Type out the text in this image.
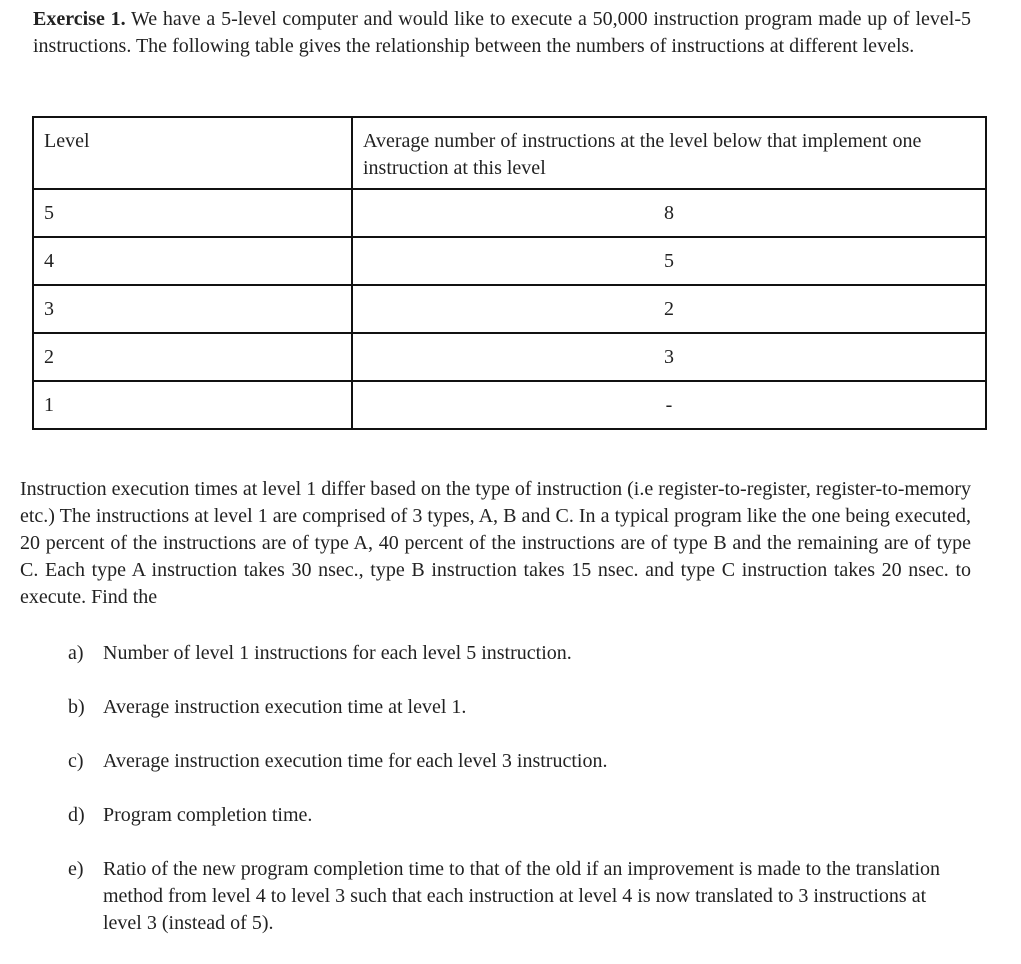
Exercise 1. We have a 5-level computer and would like to execute a 50,000 instruction program made up of level-5 instructions. The following table gives the relationship between the numbers of instructions at different levels.
Level	Average number of instructions at the level below that implement one instruction at this level
5	8
4	5
3	2
2	3
1	-
Instruction execution times at level 1 differ based on the type of instruction (i.e register-to-register, register-to-memory etc.) The instructions at level 1 are comprised of 3 types, A, B and C. In a typical program like the one being executed, 20 percent of the instructions are of type A, 40 percent of the instructions are of type B and the remaining are of type C. Each type A instruction takes 30 nsec., type B instruction takes 15 nsec. and type C instruction takes 20 nsec. to execute. Find the
a) Number of level 1 instructions for each level 5 instruction.
b) Average instruction execution time at level 1.
c) Average instruction execution time for each level 3 instruction.
d) Program completion time.
e) Ratio of the new program completion time to that of the old if an improvement is made to the translation method from level 4 to level 3 such that each instruction at level 4 is now translated to 3 instructions at level 3 (instead of 5).
